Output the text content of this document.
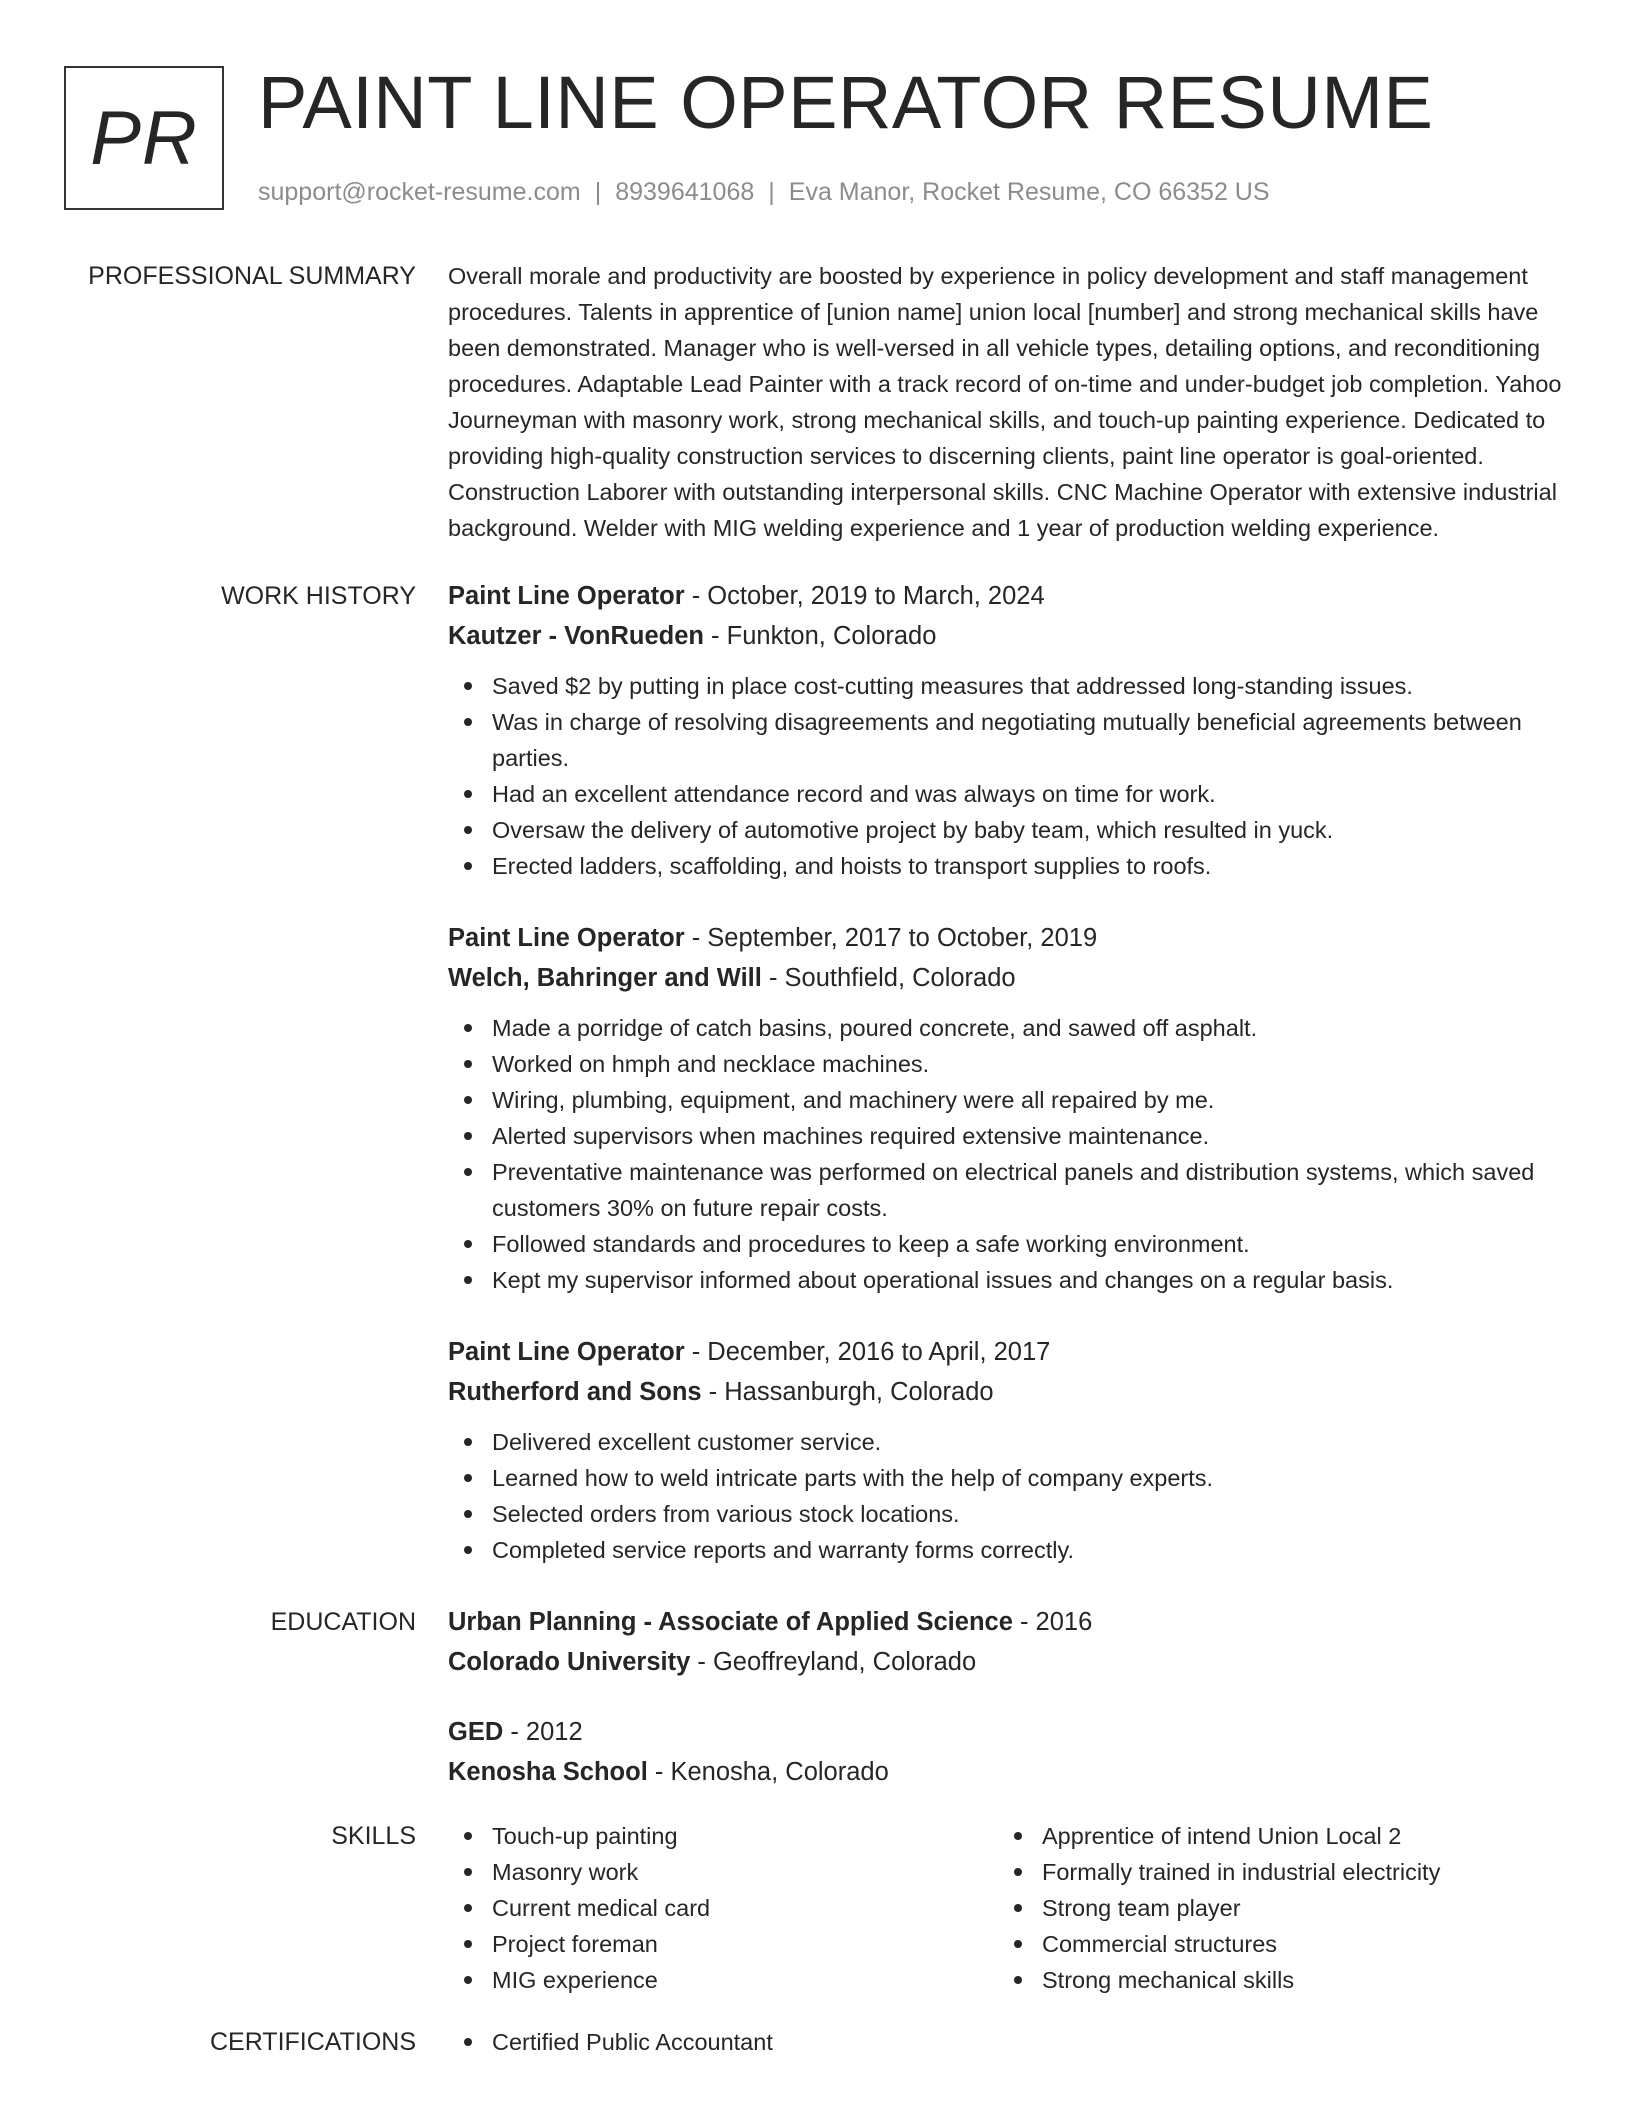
PR PAINT LINE OPERATOR RESUME
support@rocket-resume.com | 8939641068 | Eva Manor, Rocket Resume, CO 66352 US
PROFESSIONAL SUMMARY Overall morale and productivity are boosted by experience in policy development and staff management procedures. Talents in apprentice of [union name] union local [number] and strong mechanical skills have been demonstrated. Manager who is well-versed in all vehicle types, detailing options, and reconditioning procedures. Adaptable Lead Painter with a track record of on-time and under-budget job completion. Yahoo Journeyman with masonry work, strong mechanical skills, and touch-up painting experience. Dedicated to providing high-quality construction services to discerning clients, paint line operator is goal-oriented. Construction Laborer with outstanding interpersonal skills. CNC Machine Operator with extensive industrial background. Welder with MIG welding experience and 1 year of production welding experience.

WORK HISTORY Paint Line Operator - October, 2019 to March, 2024
Kautzer - VonRueden - Funkton, Colorado
Saved $2 by putting in place cost-cutting measures that addressed long-standing issues.
Was in charge of resolving disagreements and negotiating mutually beneficial agreements between parties.
Had an excellent attendance record and was always on time for work.
Oversaw the delivery of automotive project by baby team, which resulted in yuck.
Erected ladders, scaffolding, and hoists to transport supplies to roofs.
Paint Line Operator - September, 2017 to October, 2019
Welch, Bahringer and Will - Southfield, Colorado
Made a porridge of catch basins, poured concrete, and sawed off asphalt.
Worked on hmph and necklace machines.
Wiring, plumbing, equipment, and machinery were all repaired by me.
Alerted supervisors when machines required extensive maintenance.
Preventative maintenance was performed on electrical panels and distribution systems, which saved customers 30% on future repair costs.
Followed standards and procedures to keep a safe working environment.
Kept my supervisor informed about operational issues and changes on a regular basis.
Paint Line Operator - December, 2016 to April, 2017
Rutherford and Sons - Hassanburgh, Colorado
Delivered excellent customer service.
Learned how to weld intricate parts with the help of company experts.
Selected orders from various stock locations.
Completed service reports and warranty forms correctly.
EDUCATION Urban Planning - Associate of Applied Science - 2016
Colorado University - Geoffreyland, Colorado
GED - 2012
Kenosha School - Kenosha, Colorado
SKILLS	Touch-up painting
Masonry work
Current medical card
Project foreman
MIG experience
Apprentice of intend Union Local 2
Formally trained in industrial electricity
Strong team player
Commercial structures
Strong mechanical skills
CERTIFICATIONS	Certified Public Accountant
